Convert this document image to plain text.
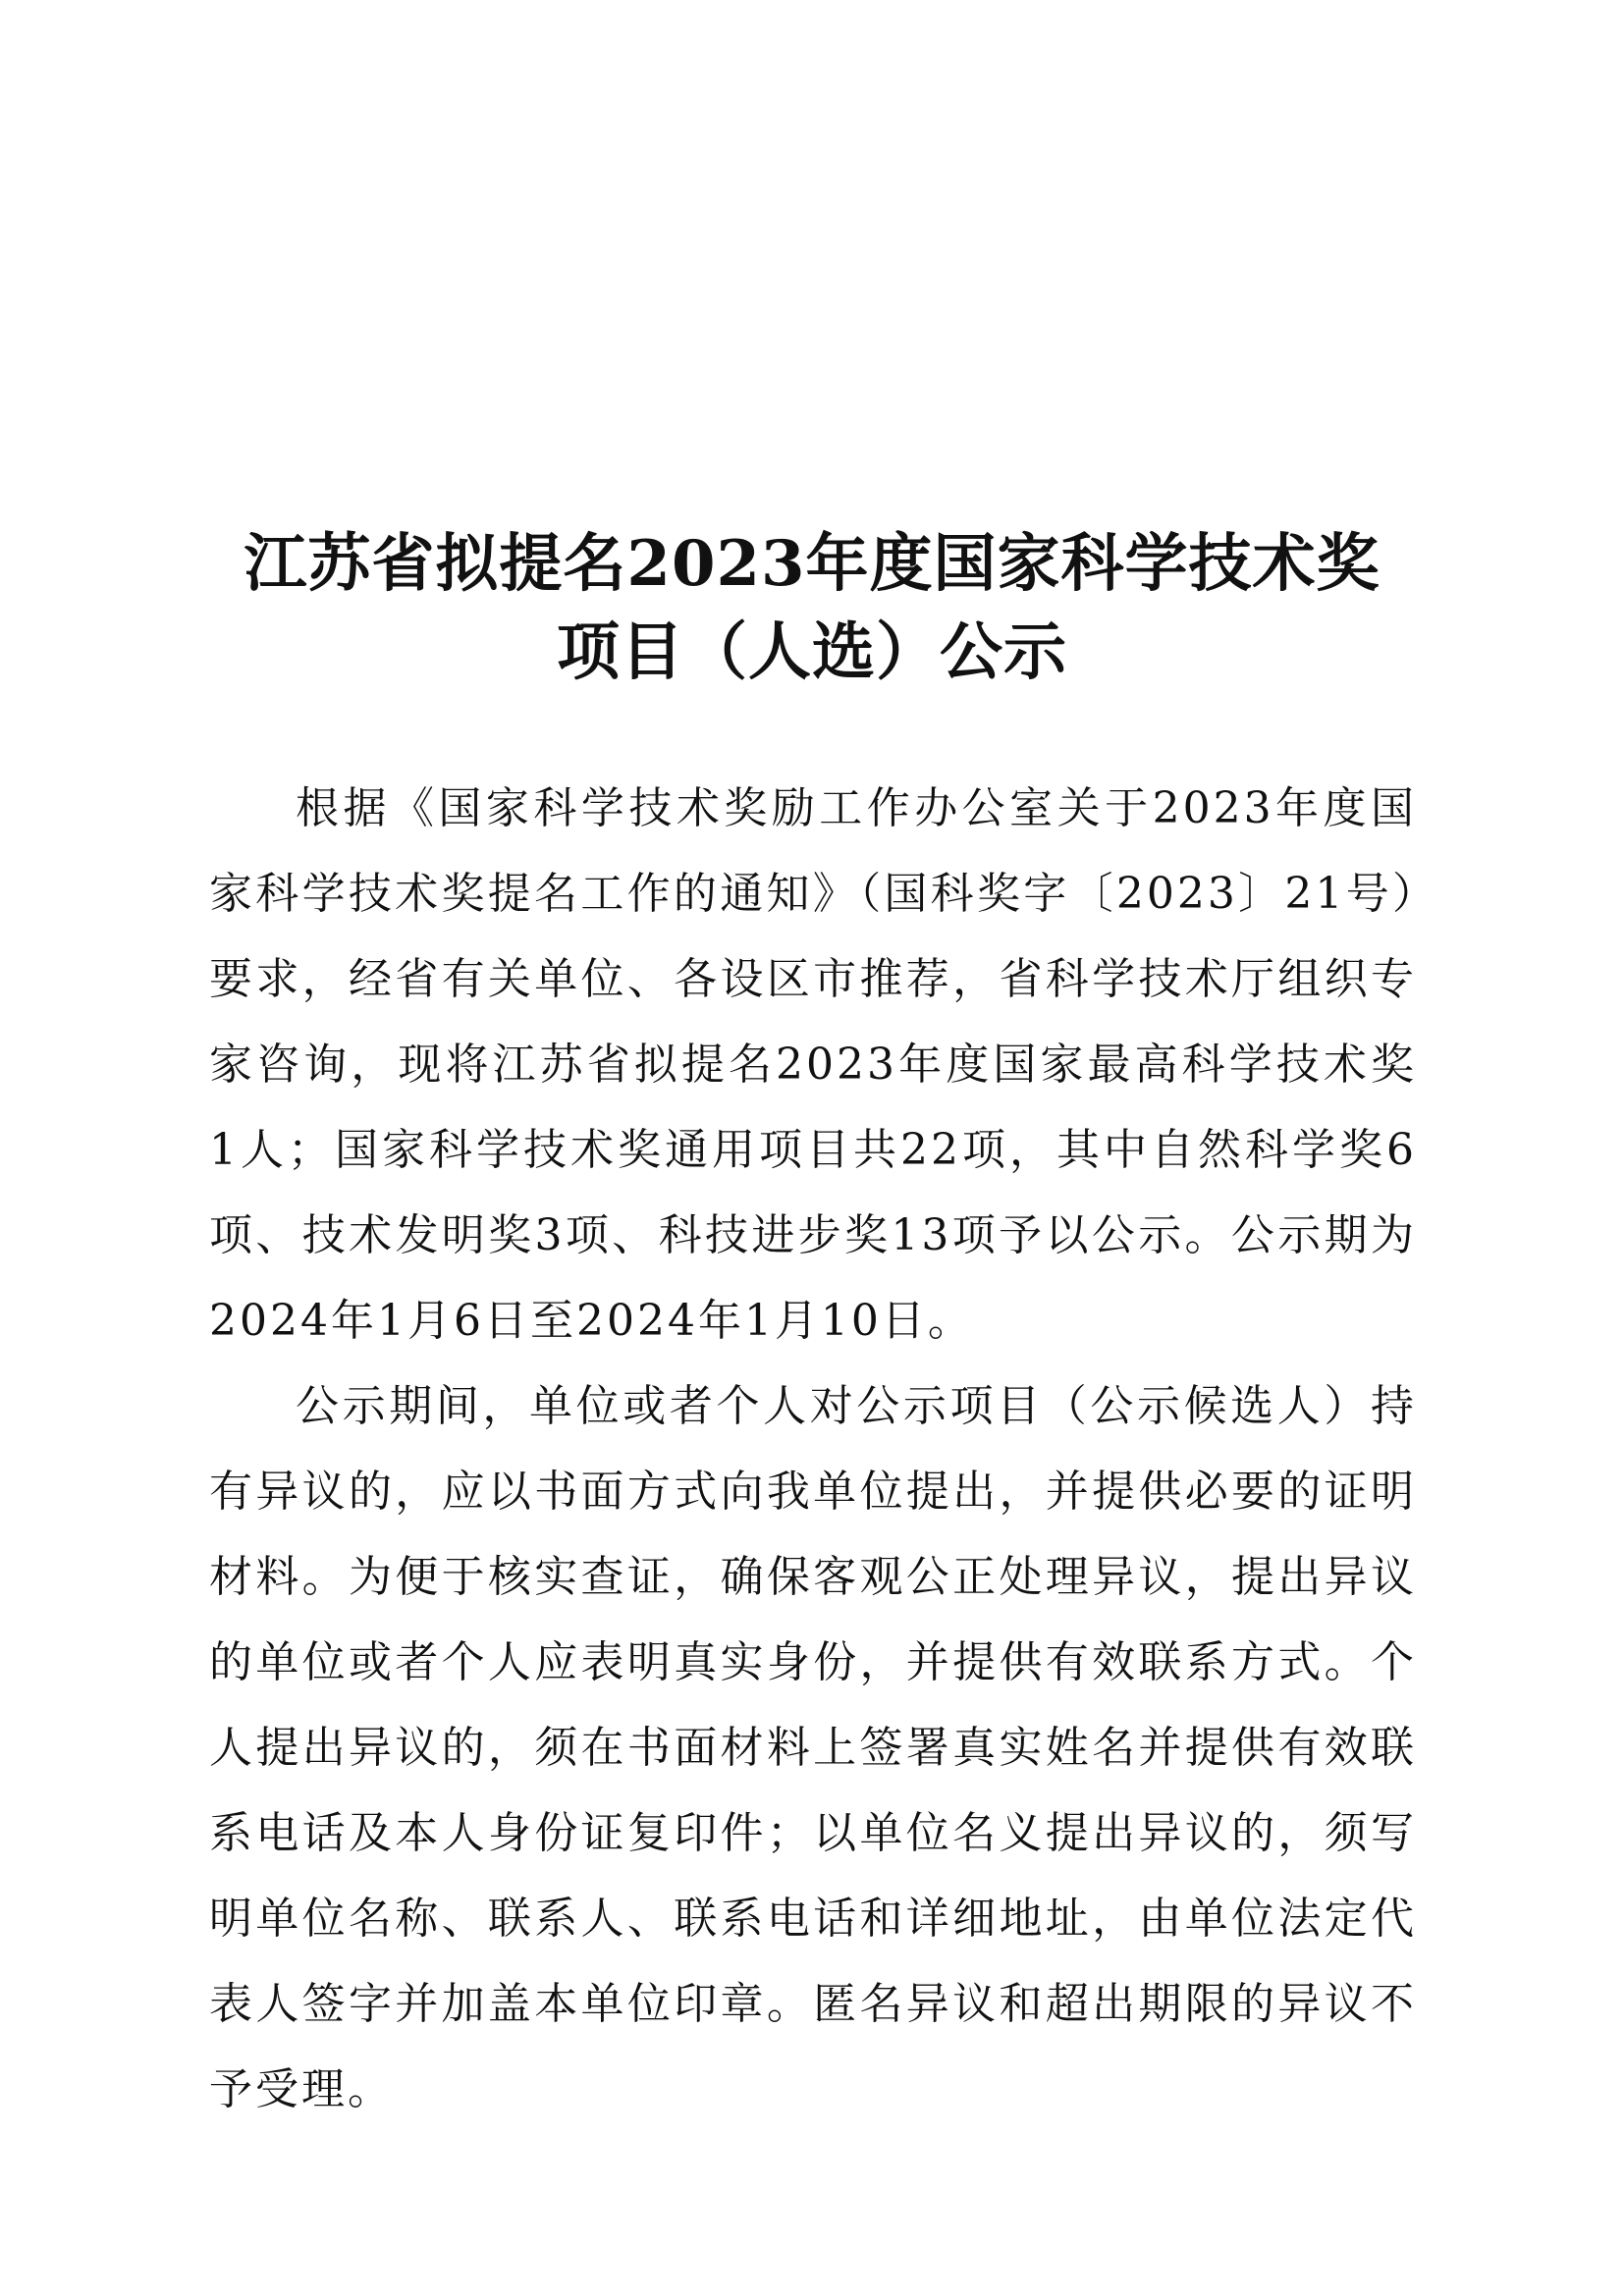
江苏省拟提名2023年度国家科学技术奖
项目（人选）公示

根据《国家科学技术奖励工作办公室关于2023年度国家科学技术奖提名工作的通知》（国科奖字〔2023〕21号）要求，经省有关单位、各设区市推荐，省科学技术厅组织专家咨询，现将江苏省拟提名2023年度国家最高科学技术奖1人；国家科学技术奖通用项目共22项，其中自然科学奖6项、技术发明奖3项、科技进步奖13项予以公示。公示期为2024年1月6日至2024年1月10日。

公示期间，单位或者个人对公示项目（公示候选人）持有异议的，应以书面方式向我单位提出，并提供必要的证明材料。为便于核实查证，确保客观公正处理异议，提出异议的单位或者个人应表明真实身份，并提供有效联系方式。个人提出异议的，须在书面材料上签署真实姓名并提供有效联系电话及本人身份证复印件；以单位名义提出异议的，须写明单位名称、联系人、联系电话和详细地址，由单位法定代表人签字并加盖本单位印章。匿名异议和超出期限的异议不予受理。
